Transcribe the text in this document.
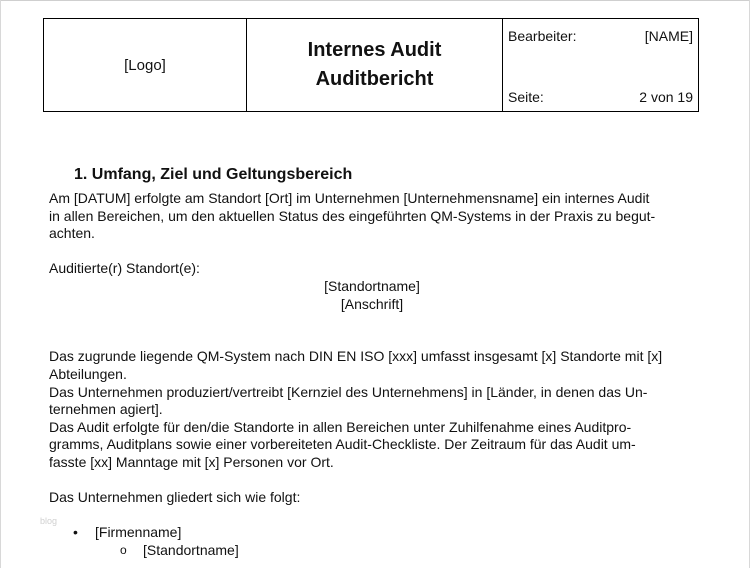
[Logo]
Internes Audit
Auditbericht
Bearbeiter:	[NAME]
Seite:	2 von 19
1. Umfang, Ziel und Geltungsbereich
Am [DATUM] erfolgte am Standort [Ort] im Unternehmen [Unternehmensname] ein internes Audit
in allen Bereichen, um den aktuellen Status des eingeführten QM-Systems in der Praxis zu begut-
achten.
Auditierte(r) Standort(e):
[Standortname]
[Anschrift]
Das zugrunde liegende QM-System nach DIN EN ISO [xxx] umfasst insgesamt [x] Standorte mit [x]
Abteilungen.
Das Unternehmen produziert/vertreibt [Kernziel des Unternehmens] in [Länder, in denen das Un-
ternehmen agiert].
Das Audit erfolgte für den/die Standorte in allen Bereichen unter Zuhilfenahme eines Auditpro-
gramms, Auditplans sowie einer vorbereiteten Audit-Checkliste. Der Zeitraum für das Audit um-
fasste [xx] Manntage mit [x] Personen vor Ort.
Das Unternehmen gliedert sich wie folgt:
• [Firmenname]
o [Standortname]
blog
